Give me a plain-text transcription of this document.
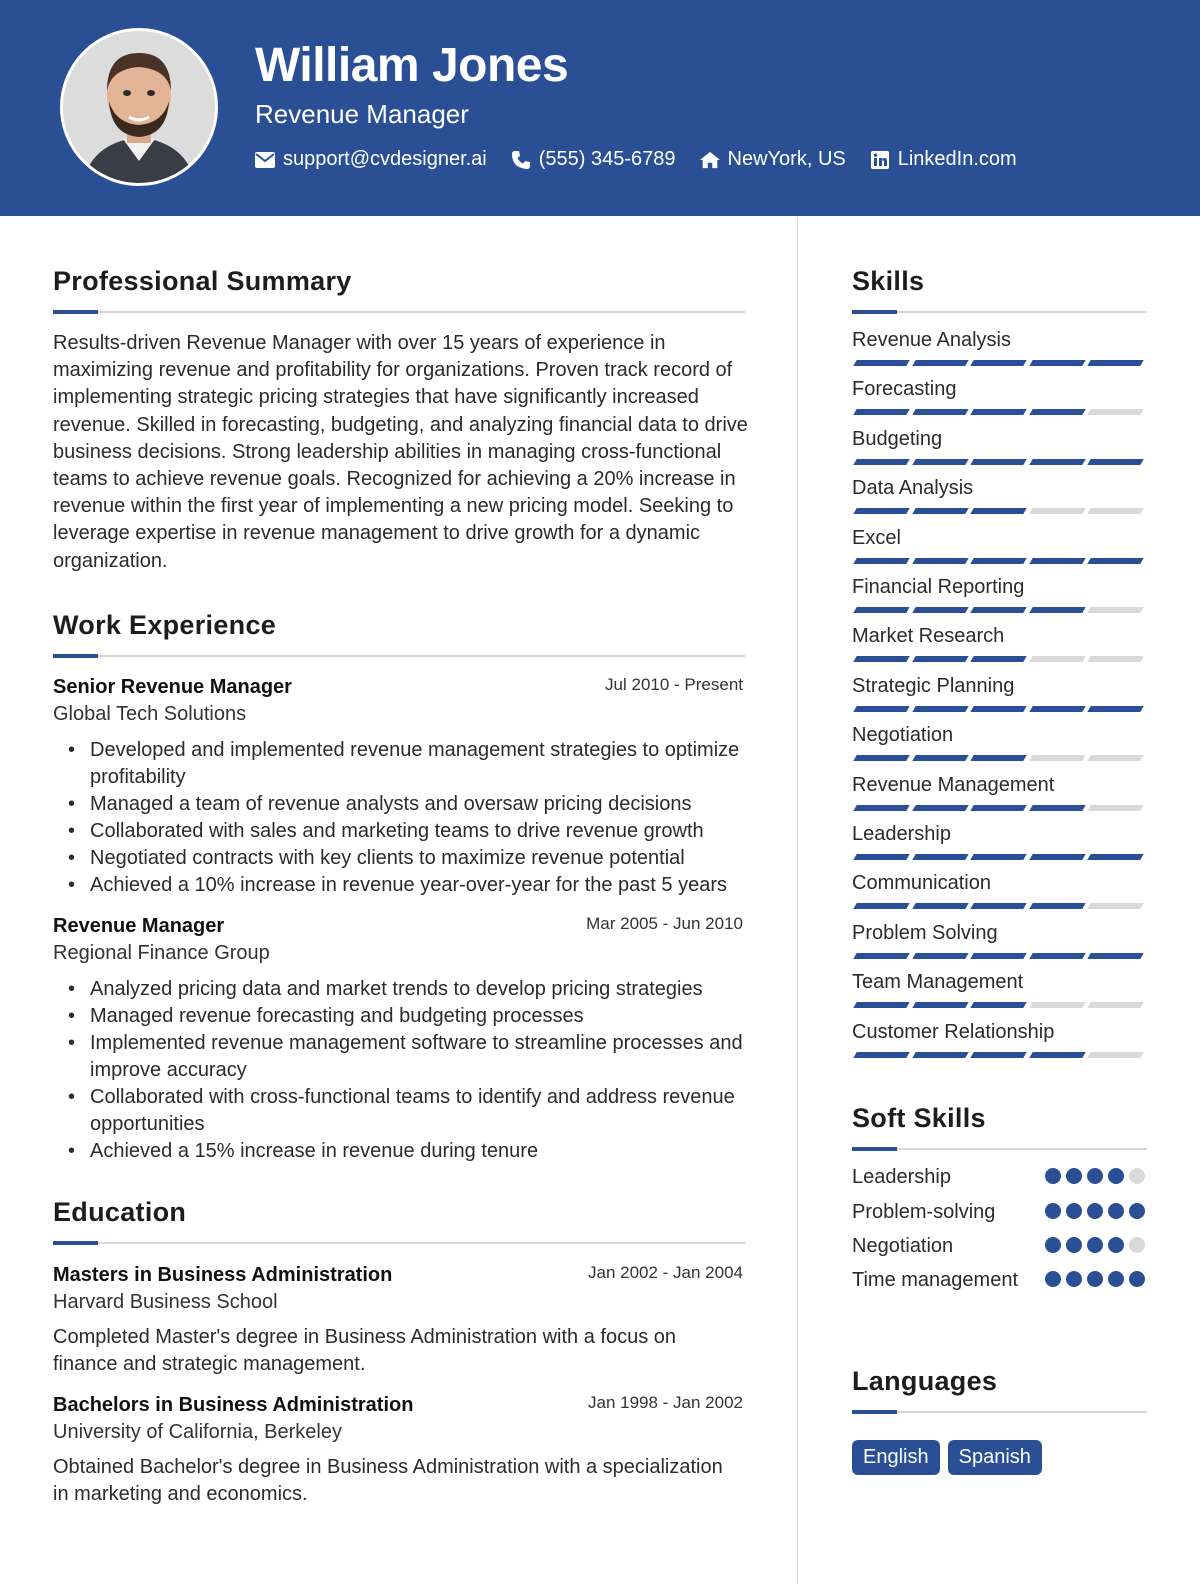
William Jones
Revenue Manager
support@cvdesigner.ai	(555) 345-6789	NewYork, US	LinkedIn.com
Professional Summary
Results-driven Revenue Manager with over 15 years of experience in maximizing revenue and profitability for organizations. Proven track record of implementing strategic pricing strategies that have significantly increased revenue. Skilled in forecasting, budgeting, and analyzing financial data to drive business decisions. Strong leadership abilities in managing cross-functional teams to achieve revenue goals. Recognized for achieving a 20% increase in revenue within the first year of implementing a new pricing model. Seeking to leverage expertise in revenue management to drive growth for a dynamic organization.
Work Experience
Senior Revenue Manager	Jul 2010 - Present
Global Tech Solutions
• Developed and implemented revenue management strategies to optimize profitability
• Managed a team of revenue analysts and oversaw pricing decisions
• Collaborated with sales and marketing teams to drive revenue growth
• Negotiated contracts with key clients to maximize revenue potential
• Achieved a 10% increase in revenue year-over-year for the past 5 years
Revenue Manager	Mar 2005 - Jun 2010
Regional Finance Group
• Analyzed pricing data and market trends to develop pricing strategies
• Managed revenue forecasting and budgeting processes
• Implemented revenue management software to streamline processes and improve accuracy
• Collaborated with cross-functional teams to identify and address revenue opportunities
• Achieved a 15% increase in revenue during tenure
Education
Masters in Business Administration	Jan 2002 - Jan 2004
Harvard Business School
Completed Master's degree in Business Administration with a focus on finance and strategic management.
Bachelors in Business Administration	Jan 1998 - Jan 2002
University of California, Berkeley
Obtained Bachelor's degree in Business Administration with a specialization in marketing and economics.
Skills
Revenue Analysis
Forecasting
Budgeting
Data Analysis
Excel
Financial Reporting
Market Research
Strategic Planning
Negotiation
Revenue Management
Leadership
Communication
Problem Solving
Team Management
Customer Relationship
Soft Skills
Leadership
Problem-solving
Negotiation
Time management
Languages
English	Spanish
